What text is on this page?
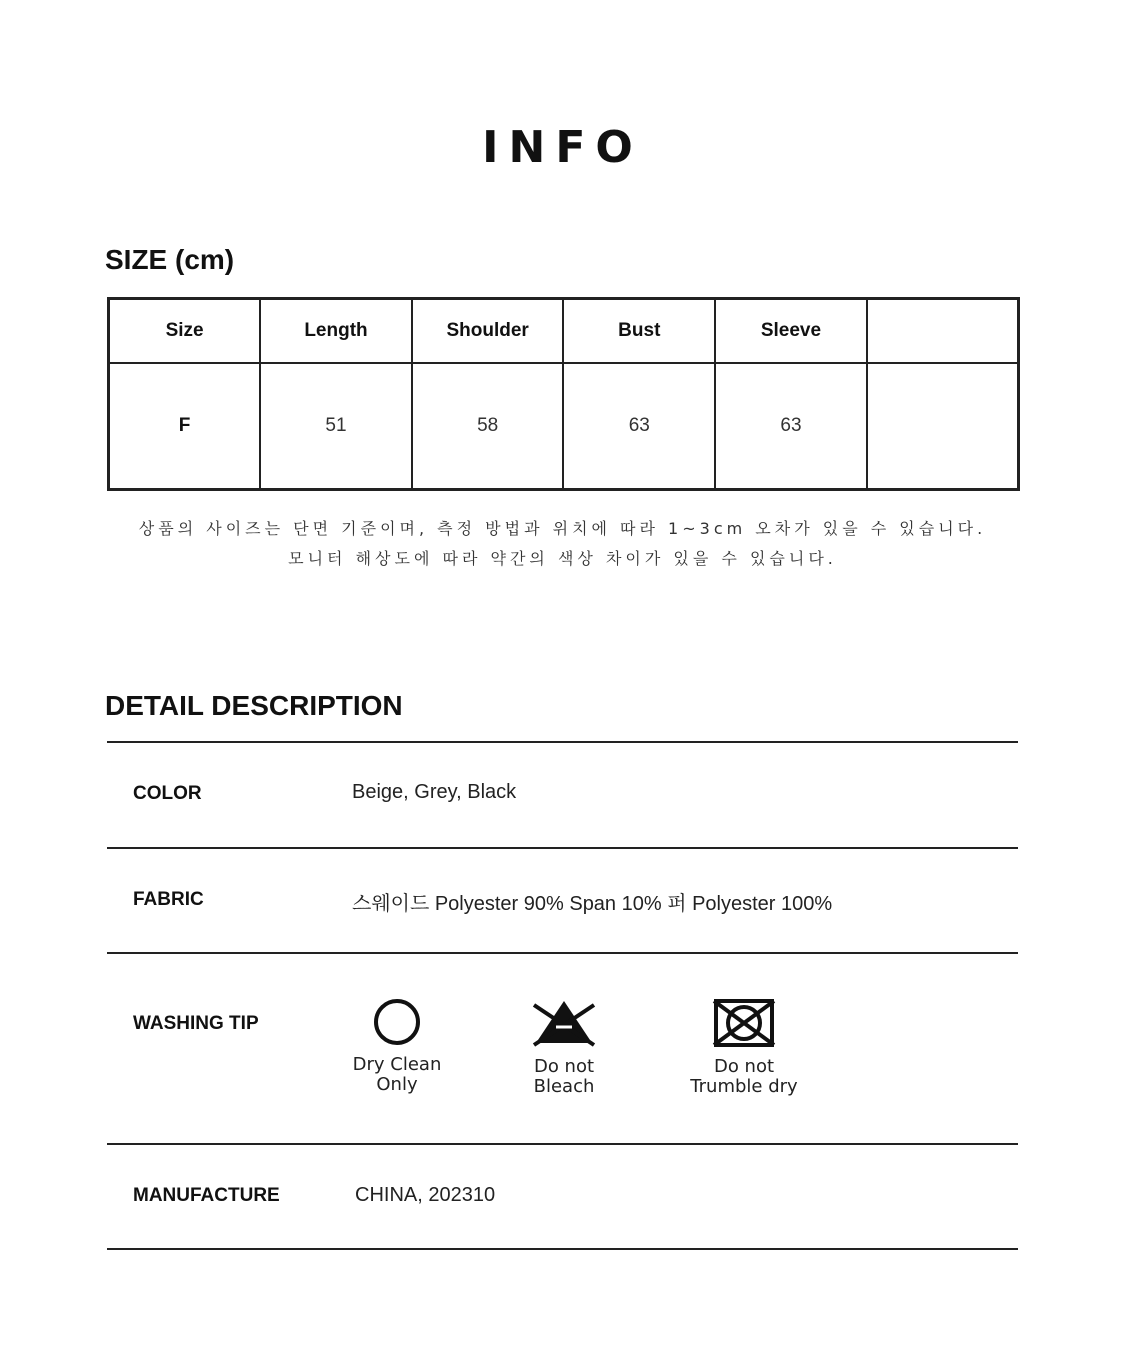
INFO
SIZE (cm)
Size	Length	Shoulder	Bust	Sleeve	
F	51	58	63	63	
상품의 사이즈는 단면 기준이며, 측정 방법과 위치에 따라 1~3cm 오차가 있을 수 있습니다.
모니터 해상도에 따라 약간의 색상 차이가 있을 수 있습니다.
DETAIL DESCRIPTION
COLOR	Beige, Grey, Black
FABRIC	스웨이드 Polyester 90% Span 10% 퍼 Polyester 100%
WASHING TIP
Dry Clean
Only
Do not
Bleach
Do not
Trumble dry
MANUFACTURE	CHINA, 202310
